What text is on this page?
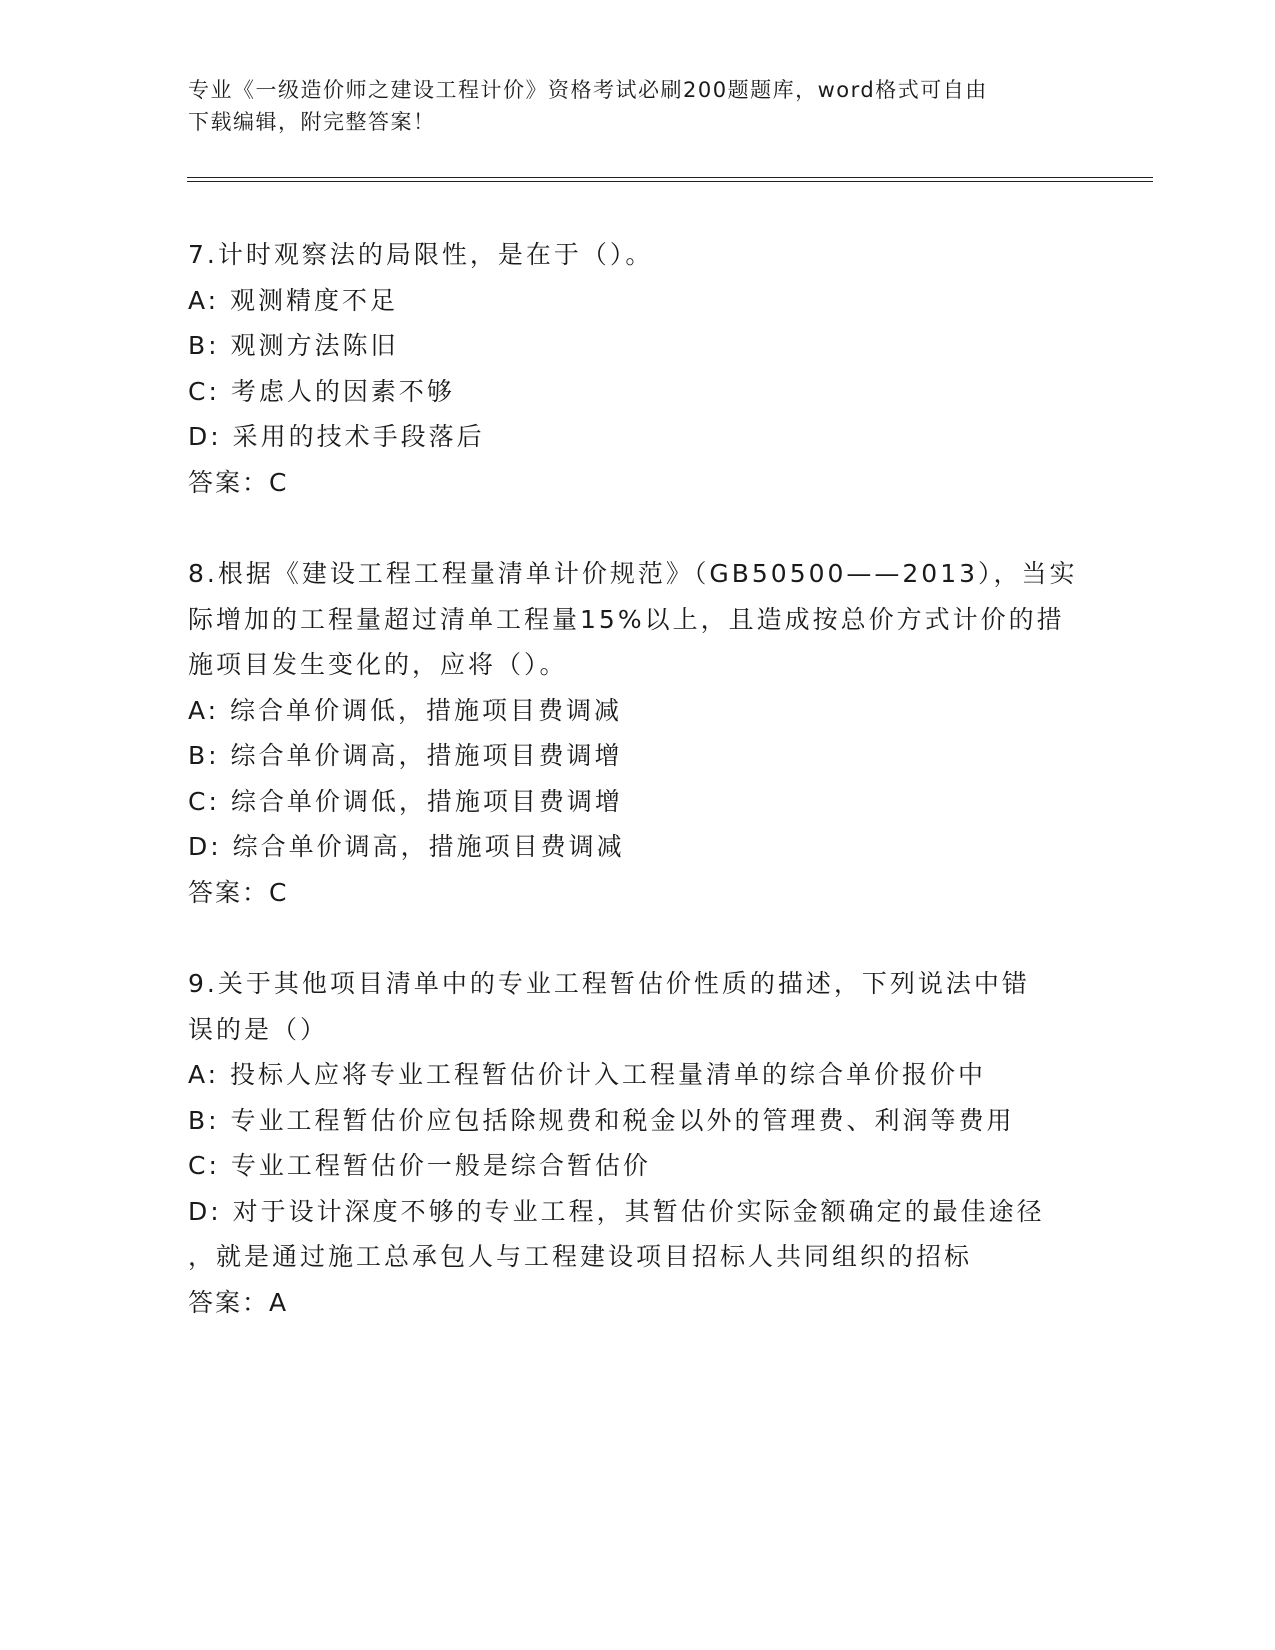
专业《一级造价师之建设工程计价》资格考试必刷200题题库，word格式可自由
下载编辑，附完整答案！
7.计时观察法的局限性，是在于（）。
A: 观测精度不足
B: 观测方法陈旧
C: 考虑人的因素不够
D: 采用的技术手段落后
答案：C
8.根据《建设工程工程量清单计价规范》（GB50500——2013），当实
际增加的工程量超过清单工程量15%以上，且造成按总价方式计价的措
施项目发生变化的，应将（）。
A: 综合单价调低，措施项目费调减
B: 综合单价调高，措施项目费调增
C: 综合单价调低，措施项目费调增
D: 综合单价调高，措施项目费调减
答案：C
9.关于其他项目清单中的专业工程暂估价性质的描述，下列说法中错
误的是（）
A: 投标人应将专业工程暂估价计入工程量清单的综合单价报价中
B: 专业工程暂估价应包括除规费和税金以外的管理费、利润等费用
C: 专业工程暂估价一般是综合暂估价
D: 对于设计深度不够的专业工程，其暂估价实际金额确定的最佳途径
，就是通过施工总承包人与工程建设项目招标人共同组织的招标
答案：A
